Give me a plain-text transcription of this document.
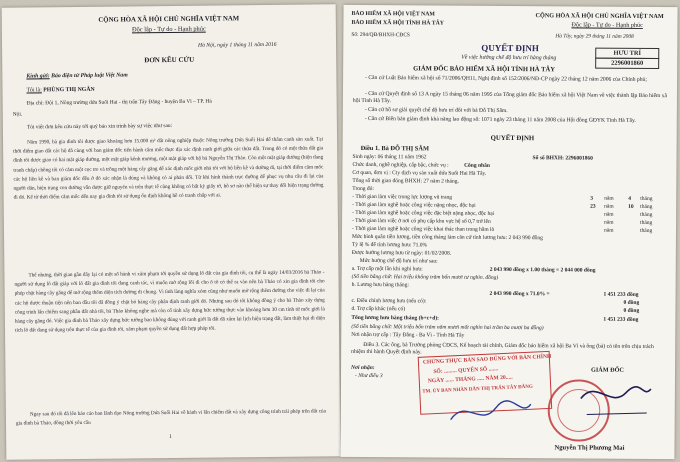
CỘNG HÒA XÃ HỘI CHỦ NGHĨA VIỆT NAM
Độc lập - Tự do - Hạnh phúc
Hà Nội, ngày 1 tháng 11 năm 2016
ĐƠN KÊU CỨU
Kính gửi: Báo điện tử Pháp luật Việt Nam
Tôi là: PHÙNG THỊ NGÂN
Địa chỉ: Đội 1, Nông trường dứa Suối Hai - thị trấn Tây Đằng - huyện Ba Vì – TP. Hà
Nội.
Tôi viết đơn kêu cứu này tới quý báo xin trình bày sự việc như sau:
Năm 1990, bà gia đình tôi được giao khoảng hơn 15.000 m² đất nông nghiệp thuộc Nông trường Dứa Suối Hai để thâm canh sản xuất. Tại thời điểm giao đất các hộ đã cùng với ban giám đốc tiến hành cắm mốc thực địa xác định ranh giới giữa các thửa đất. Trong đó có một thửa đất gia đình tôi được giao có hai mặt giáp đường, một mặt giáp kênh mương, một mặt giáp với hộ bà Nguyễn Thị Thảo. Còn một mặt giáp đường (hiện đang tranh chấp) chồng tôi có cắm một cọc tre và trồng một hàng cây găng để xác định mốc giới nhà tôi với hộ liền kề và đường đi, tại thời điểm cắm mốc các hộ liền kề và ban giám đốc đều ở đó xác nhận là đúng và không có ai phản đối. Từ khi hình thành trục đường để phục vụ nhu cầu đi lại của người dân, hiện trạng con đường vẫn được giữ nguyên và trên thực tế cũng không có bất kỳ giấy tờ, hồ sơ nào thể hiện sự thay đổi hiện trạng đường đi đó. Kể từ thời điểm cắm mốc đến nay gia đình tôi sử dụng ổn định không hề có tranh chấp với ai.
Thế nhưng, thời gian gần đây lại có một số hành vi xâm phạm tới quyền sử dụng lô đất của gia đình tôi, cụ thể là ngày 14/03/2016 bà Thảo - người sử dụng lô đất giáp với lô đất gia đình tôi đang canh tác, vì muốn mở rộng lối đi cho ô tô có thể ra vào nên bà Thảo có xin gia đình tôi cho phép chặt hàng cây găng để mở rộng thêm diện tích đường đi chung. Vì tình làng nghĩa xóm cũng như muốn mở rộng thêm đường cho việc đi lại của các hộ được thuận tiện nên ban đầu tôi đã đồng ý chặt bỏ hàng cây phân định ranh giới đó. Nhưng sau đó tôi không đồng ý cho bà Thảo xây dựng công trình lấn chiếm sang phần đất nhà tôi, bà Thảo không nghe mà còn cố tình xây dựng bức tường thực vào khoảng hơn 30 cm tính từ mốc giới là hàng cây găng đó. Việc gia đình bà Thảo xây dựng bức tường bao không đúng với ranh giới là đất đã xâm lại lịch hiện trạng đất, làm thiệt hại đi diện tích lô đất đang sử dụng trên thực tế của gia đình tôi, xâm phạm quyền sử dụng đất hợp pháp tôi.
Ngay sau đó tôi đã lên báo cáo ban lãnh đạo Nông trường Dứa Suối Hai về hành vi lấn chiếm đất và xây dựng công trình trái phép trên đất của gia đình bà Thảo, đồng thời yêu cầu
1
BẢO HIỂM XÃ HỘI VIỆT NAM
BẢO HIỂM XÃ HỘI TỈNH HÀ TÂY
CỘNG HÒA XÃ HỘI CHỦ NGHĨA VIỆT NAM
Độc lập - Tự do - Hạnh phúc
Số: 294/QĐ/BHXH-CĐCS	Hà Tây, ngày 29 tháng 11 năm 2008
QUYẾT ĐỊNH
Về việc hưởng chế độ hưu trí hàng tháng
HƯU TRÍ
2296001860
GIÁM ĐỐC BẢO HIỂM XÃ HỘI TỈNH HÀ TÂY
- Căn cứ Luật Bảo hiểm xã hội số 71/2006/QH11, Nghị định số 152/2006/NĐ-CP ngày 22 tháng 12 năm 2006 của Chính phủ;
- Căn cứ Quyết định số 13 A ngày 15 tháng 06 năm 1995 của Tổng giám đốc Bảo hiểm xã hội Việt Nam về việc thành lập Bảo hiểm xã hội Tỉnh Hà Tây.
- Căn cứ hồ sơ giải quyết chế độ hưu trí đối với bà Đỗ Thị Sâm.
- Căn cứ Biên bản giám định khả năng lao động số: 1071 ngày 23 tháng 11 năm 2008 của Hội đồng GĐYK Tỉnh Hà Tây.
QUYẾT ĐỊNH
Điều 1. Bà ĐỖ THỊ SÂM
Sinh ngày: 06 tháng 11 năm 1962	Số sổ BHXH: 2296001860
Chức danh, nghề nghiệp, cấp bậc, chức vụ :	Công nhân
Cơ quan, đơn vị : Cty dịch vụ sản xuất dứa Suối Hai Hà Tây.
Tổng số thời gian đóng BHXH: 27 năm 2 tháng.
Trong đó:
- Thời gian làm việc trong lực lượng vũ trang	3 năm	4 tháng
- Thời gian làm nghề hoặc công việc nặng nhọc, độc hại	23 năm	10 tháng
- Thời gian làm nghề hoặc công việc đặc biệt nặng nhọc, độc hại	năm	tháng
- Thời gian làm việc ở nơi có phụ cấp khu vực hệ số 0,7 trở lên	năm	tháng
- Thời gian làm nghề hoặc công việc khai thác than trong hầm lò	năm	tháng
Mức bình quân tiền lương, tiền công tháng làm căn cứ tính lương hưu: 2 043 990 đồng
Tỷ lệ % để tính lương hưu: 71.0%
Được hưởng lương hưu từ ngày: 01/02/2008.
Mức hưởng chế độ hưu trí như sau:
a. Trợ cấp một lần khi nghỉ hưu:	2 043 990 đồng x 1.00 tháng = 2 044 000 đồng
(Số tiền bằng chữ: Hai triệu không trăm bốn mươi tư nghìn. đồng)
b. Lương hưu hàng tháng:
2 043 990 đồng x 71.0% =	1 451 233 đồng
c. Điều chỉnh lương hưu (nếu có):	0 đồng
d. Trợ cấp khác (nếu có)	0 đồng
Tổng lương hưu hàng tháng (b+c+d):	1 451 233 đồng
(Số tiền bằng chữ: Một triệu bốn trăm năm mươi mốt nghìn hai trăm ba mươi ba đồng)
Nơi nhận trợ cấp : Tây Đằng - Ba Vì - Tỉnh Hà Tây
Điều 3. Các ông, bà Trưởng phòng CĐCS, Kế hoạch tài chính, Giám đốc bảo hiểm xã hội Ba Vì và ông (bà) có tên trên chịu trách nhiệm thi hành Quyết định này.
Nơi nhận:
- Như điều 3
GIÁM ĐỐC
CHỨNG THỰC BẢN SAO ĐÚNG VỚI BẢN CHÍNH
SỐ: ......... QUYỂN SỐ .......
NGÀY ...... THÁNG ..... NĂM 20.....
TM. ỦY BAN NHÂN DÂN THỊ TRẤN TÂY ĐẰNG
Nguyễn Thị Phương Mai
